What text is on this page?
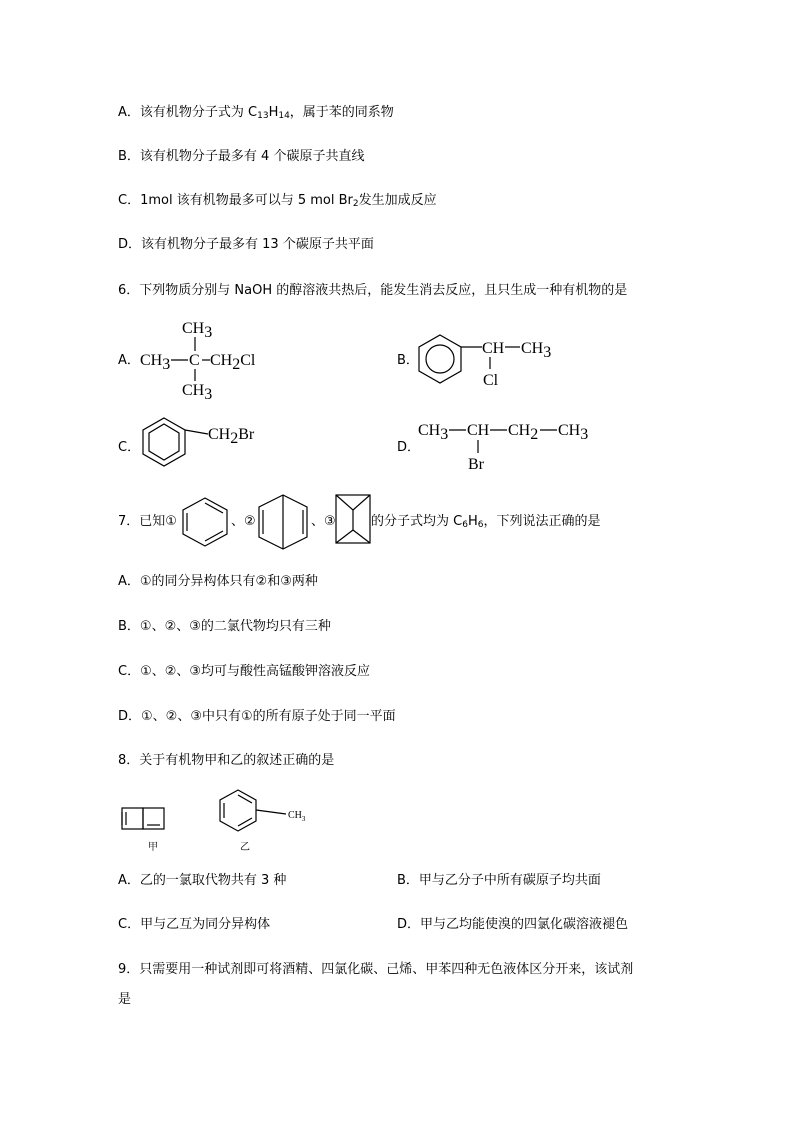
A．该有机物分子式为 $C_{13}H_{14}$，属于苯的同系物
B．该有机物分子最多有 4 个碳原子共直线
C．1mol 该有机物最多可以与 5 mol $Br_2$发生加成反应
D．该有机物分子最多有 13 个碳原子共平面
6．下列物质分别与 NaOH 的醇溶液共热后，能发生消去反应，且只生成一种有机物的是
A．
CH3
CH3 C CH2Cl
CH3
B．
CH CH3
Cl
C．
CH2Br
D．
CH3 CH CH2 CH3
Br
7．已知①	、②	、③	的分子式均为 $C_6H_6$，下列说法正确的是
A．①的同分异构体只有②和③两种
B．①、②、③的二氯代物均只有三种
C．①、②、③均可与酸性高锰酸钾溶液反应
D．①、②、③中只有①的所有原子处于同一平面
8．关于有机物甲和乙的叙述正确的是
甲
$CH_3$
乙
A．乙的一氯取代物共有 3 种	B．甲与乙分子中所有碳原子均共面
C．甲与乙互为同分异构体	D．甲与乙均能使溴的四氯化碳溶液褪色
9．只需要用一种试剂即可将酒精、四氯化碳、己烯、甲苯四种无色液体区分开来，该试剂
是
